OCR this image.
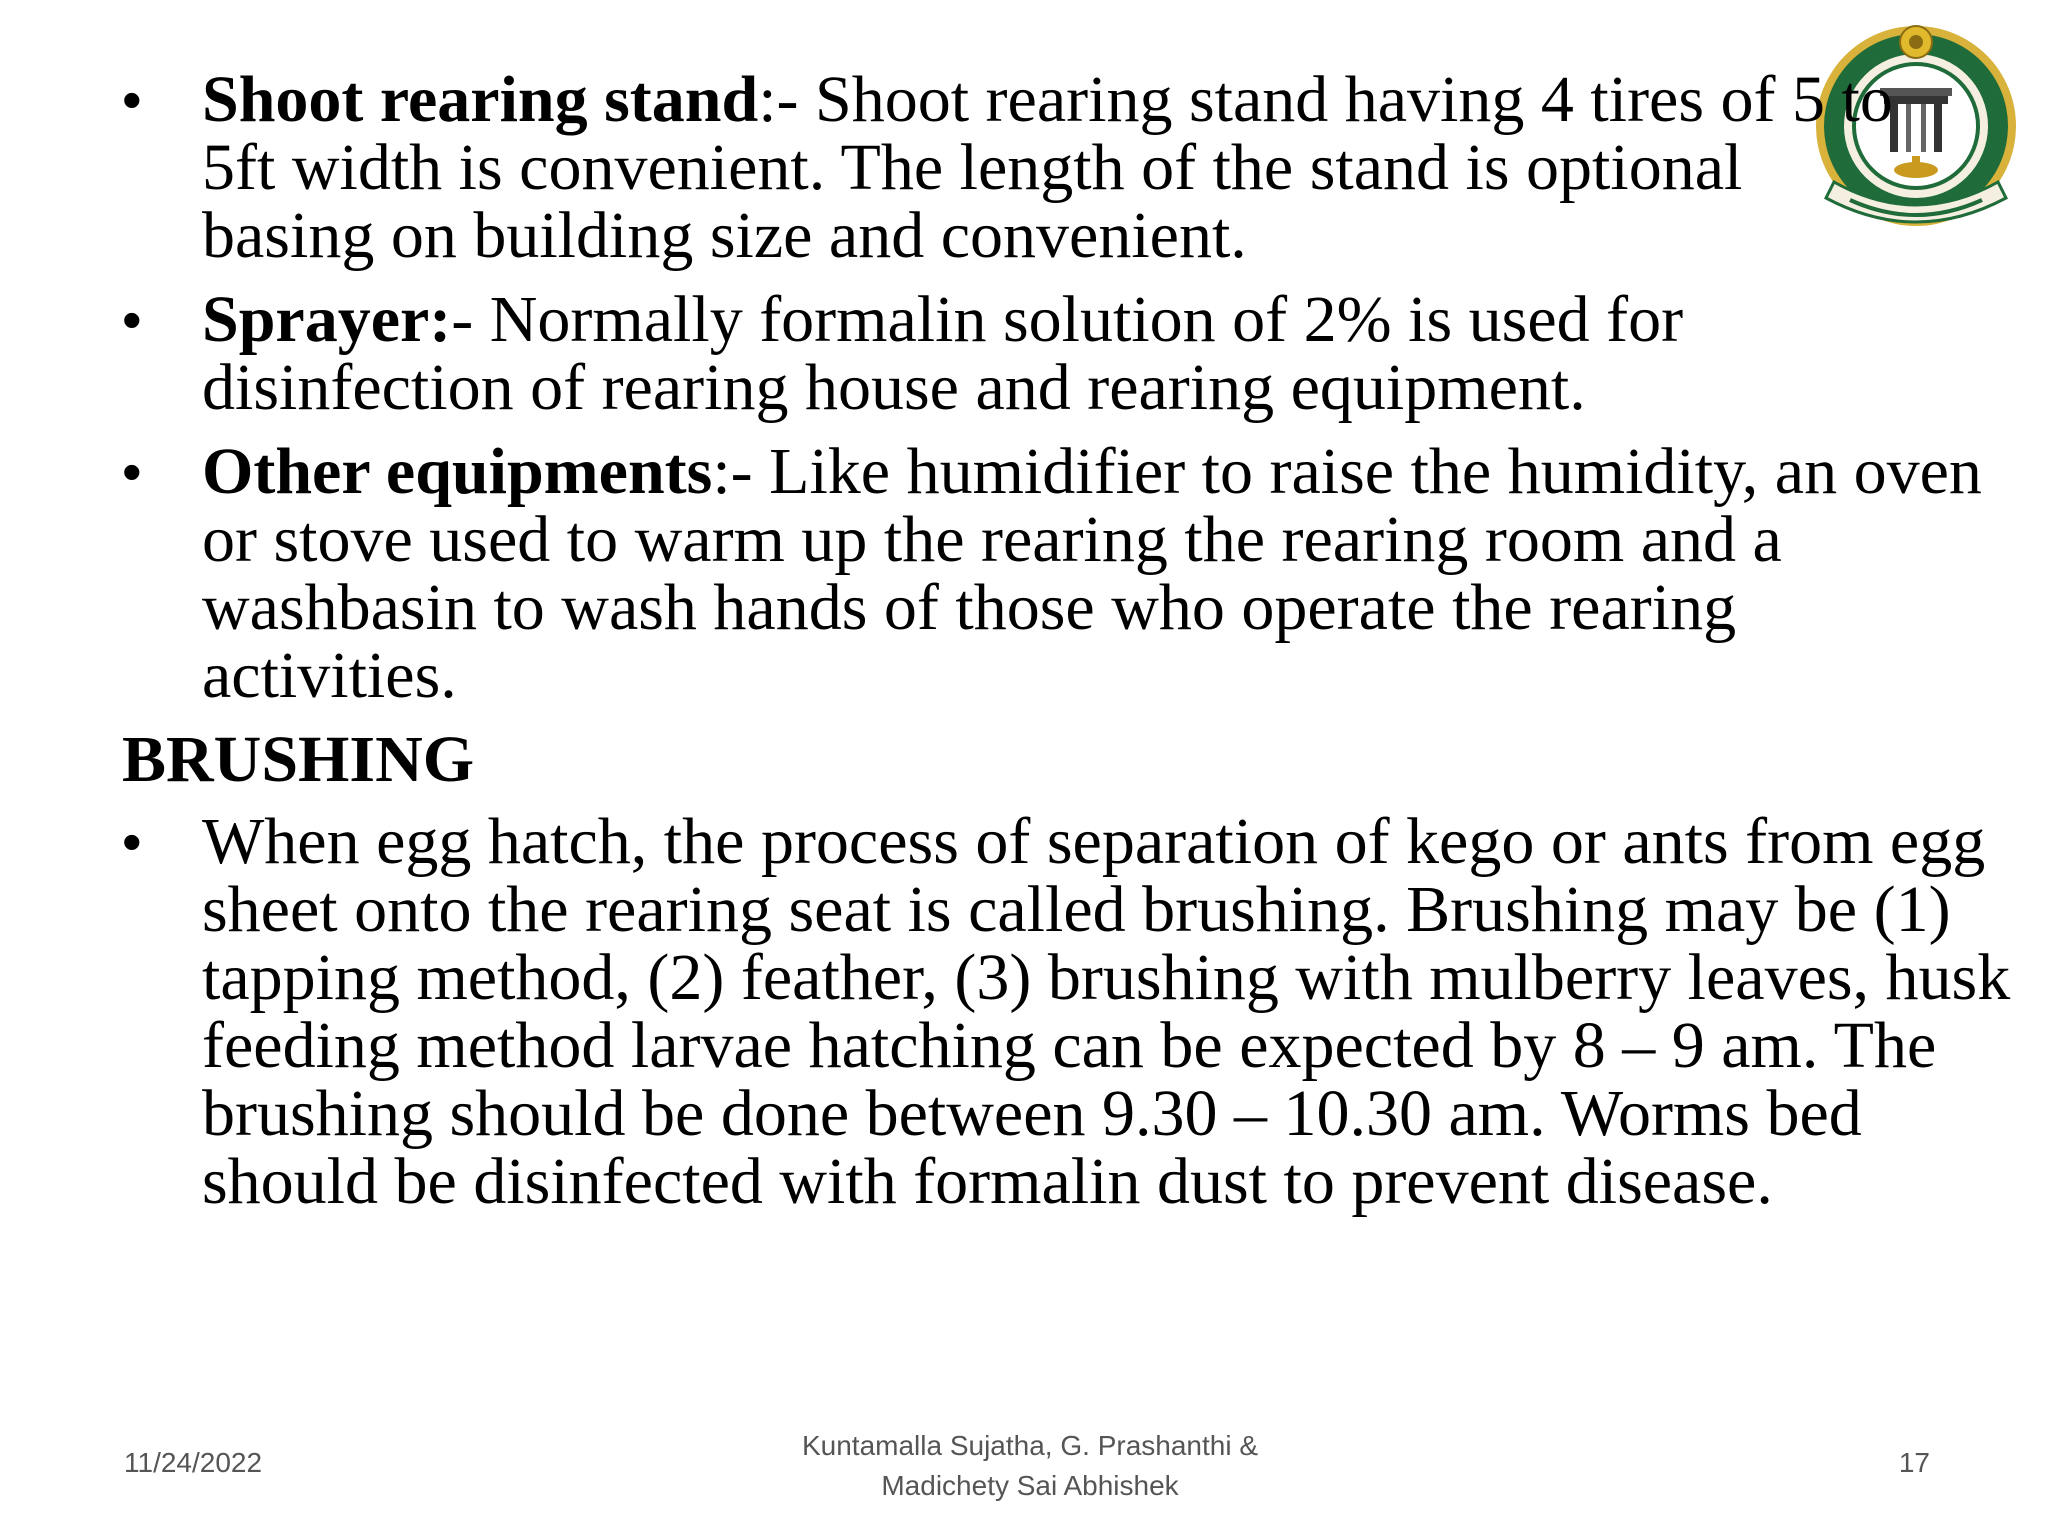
• Shoot rearing stand:- Shoot rearing stand having 4 tires of 5 to 5ft width is convenient. The length of the stand is optional basing on building size and convenient.
• Sprayer:- Normally formalin solution of 2% is used for disinfection of rearing house and rearing equipment.
• Other equipments:- Like humidifier to raise the humidity, an oven or stove used to warm up the rearing the rearing room and a washbasin to wash hands of those who operate the rearing activities.
BRUSHING
• When egg hatch, the process of separation of kego or ants from egg sheet onto the rearing seat is called brushing. Brushing may be (1) tapping method, (2) feather, (3) brushing with mulberry leaves, husk feeding method larvae hatching can be expected by 8 – 9 am. The brushing should be done between 9.30 – 10.30 am. Worms bed should be disinfected with formalin dust to prevent disease.
11/24/2022
Kuntamalla Sujatha, G. Prashanthi &
Madichety Sai Abhishek
17
